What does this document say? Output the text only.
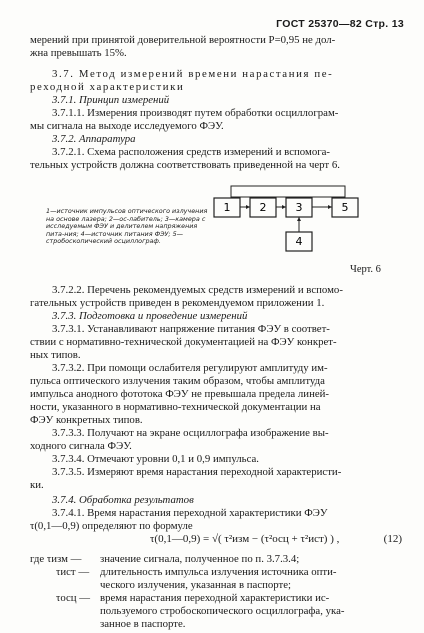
ГОСТ 25370—82 Стр. 13
мерений при принятой доверительной вероятности P=0,95 не дол-
жна превышать 15%.
3.7. Метод измерений времени нарастания пе-
реходной характеристики
3.7.1. Принцип измерений
3.7.1.1. Измерения производят путем обработки осциллограм-
мы сигнала на выходе исследуемого ФЭУ.
3.7.2. Аппаратура
3.7.2.1. Схема расположения средств измерений и вспомога-
тельных устройств должна соответствовать приведенной на черт 6.
1	2	3	5
4
1—источник импульсов оптического излучения на основе лазера; 2—ос-лабитель; 3—камера с исследуемым ФЭУ и делителем напряжения пита-ния; 4—источник питания ФЭУ; 5—стробоскопический осциллограф.
Черт. 6
3.7.2.2. Перечень рекомендуемых средств измерений и вспомо-
гательных устройств приведен в рекомендуемом приложении 1.
3.7.3. Подготовка и проведение измерений
3.7.3.1. Устанавливают напряжение питания ФЭУ в соответ-
ствии с нормативно-технической документацией на ФЭУ конкрет-
ных типов.
3.7.3.2. При помощи ослабителя регулируют амплитуду им-
пульса оптического излучения таким образом, чтобы амплитуда
импульса анодного фототока ФЭУ не превышала предела линей-
ности, указанного в нормативно-технической документации на
ФЭУ конкретных типов.
3.7.3.3. Получают на экране осциллографа изображение вы-
ходного сигнала ФЭУ.
3.7.3.4. Отмечают уровни 0,1 и 0,9 импульса.
3.7.3.5. Измеряют время нарастания переходной характеристи-
ки.
3.7.4. Обработка результатов
3.7.4.1. Время нарастания переходной характеристики ФЭУ
τ(0,1—0,9) определяют по формуле
τ(0,1—0,9) = √( τ²изм − (τ²осц + τ²ист) ) ,	(12)
где τизм —	значение сигнала, полученное по п. 3.7.3.4;
τист —	длительность импульса излучения источника опти-
ческого излучения, указанная в паспорте;
τосц — время нарастания переходной характеристики ис-
пользуемого стробоскопического осциллографа, ука-
занное в паспорте.
